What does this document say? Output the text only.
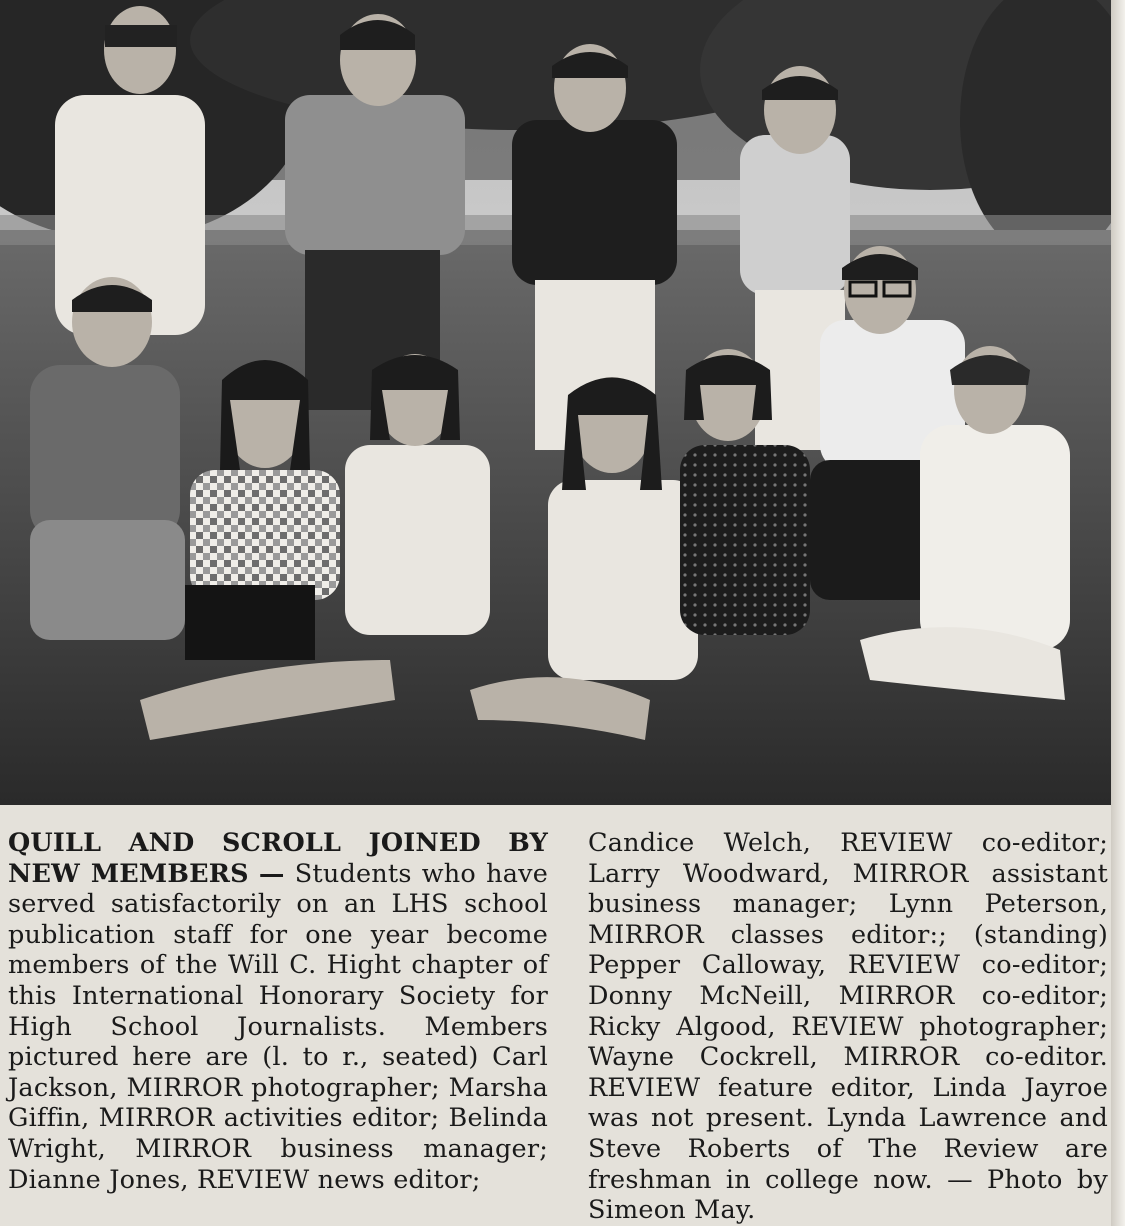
QUILL AND SCROLL JOINED BY NEW MEMBERS — Students who have served satisfactorily on an LHS school publication staff for one year become members of the Will C. Hight chapter of this International Honorary Society for High School Journalists. Members pictured here are (l. to r., seated) Carl Jackson, MIRROR photographer; Marsha Giffin, MIRROR activities editor; Belinda Wright, MIRROR business manager; Dianne Jones, REVIEW news editor;

Candice Welch, REVIEW co-editor; Larry Woodward, MIRROR assistant business manager; Lynn Peterson, MIRROR classes editor:; (standing) Pepper Calloway, REVIEW co-editor; Donny McNeill, MIRROR co-editor; Ricky Algood, REVIEW photographer; Wayne Cockrell, MIRROR co-editor. REVIEW feature editor, Linda Jayroe was not present. Lynda Lawrence and Steve Roberts of The Review are freshman in college now. — Photo by Simeon May.
